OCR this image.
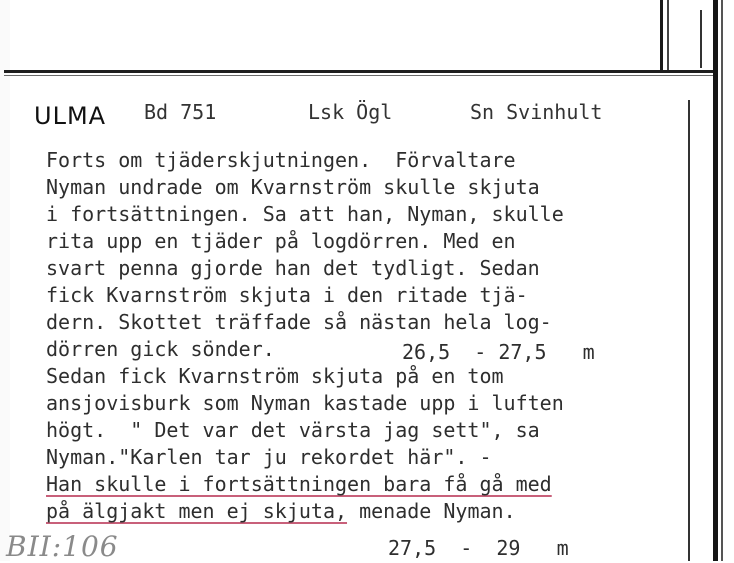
ULMA Bd 751	Lsk Ögl	Sn Svinhult
Forts om tjäderskjutningen.  Förvaltare
Nyman undrade om Kvarnström skulle skjuta
i fortsättningen. Sa att han, Nyman, skulle
rita upp en tjäder på logdörren. Med en
svart penna gjorde han det tydligt. Sedan
fick Kvarnström skjuta i den ritade tjä-
dern. Skottet träffade så nästan hela log-
dörren gick sönder.
Sedan fick Kvarnström skjuta på en tom
ansjovisburk som Nyman kastade upp i luften
högt.  " Det var det värsta jag sett", sa
Nyman."Karlen tar ju rekordet här". -
Han skulle i fortsättningen bara få gå med
på älgjakt men ej skjuta, menade Nyman.
26,5  - 27,5   m
27,5  -  29   m
BII:106
